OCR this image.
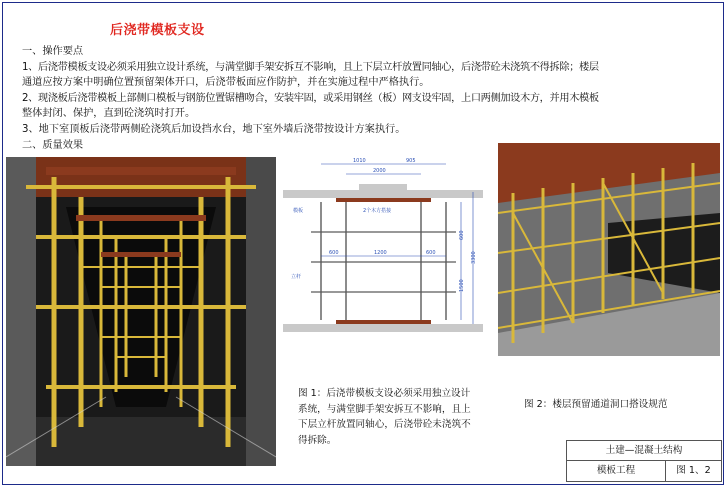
后浇带模板支设
一、操作要点
1、后浇带模板支设必须采用独立设计系统，与满堂脚手架安拆互不影响，且上下层立杆放置同轴心，后浇带砼未浇筑不得拆除；楼层
通道应按方案中明确位置预留架体开口，后浇带板面应作防护，并在实施过程中严格执行。
2、现浇板后浇带模板上部侧口模板与钢筋位置锯槽吻合，安装牢固，或采用钢丝（板）网支设牢固，上口两侧加设木方，并用木模板
整体封闭、保护，直到砼浇筑时打开。
3、地下室顶板后浇带两侧砼浇筑后加设挡水台，地下室外墙后浇带按设计方案执行。
二、质量效果
1010	905
2000
600	1200	600
600
3300
1500
模板	2个木方搭接
立杆
图 1：后浇带模板支设必须采用独立设计系统，与满堂脚手架安拆互不影响，且上下层立杆放置同轴心，后浇带砼未浇筑不得拆除。
图 2：楼层预留通道洞口搭设规范
土建—混凝土结构
模板工程	图 1、2
